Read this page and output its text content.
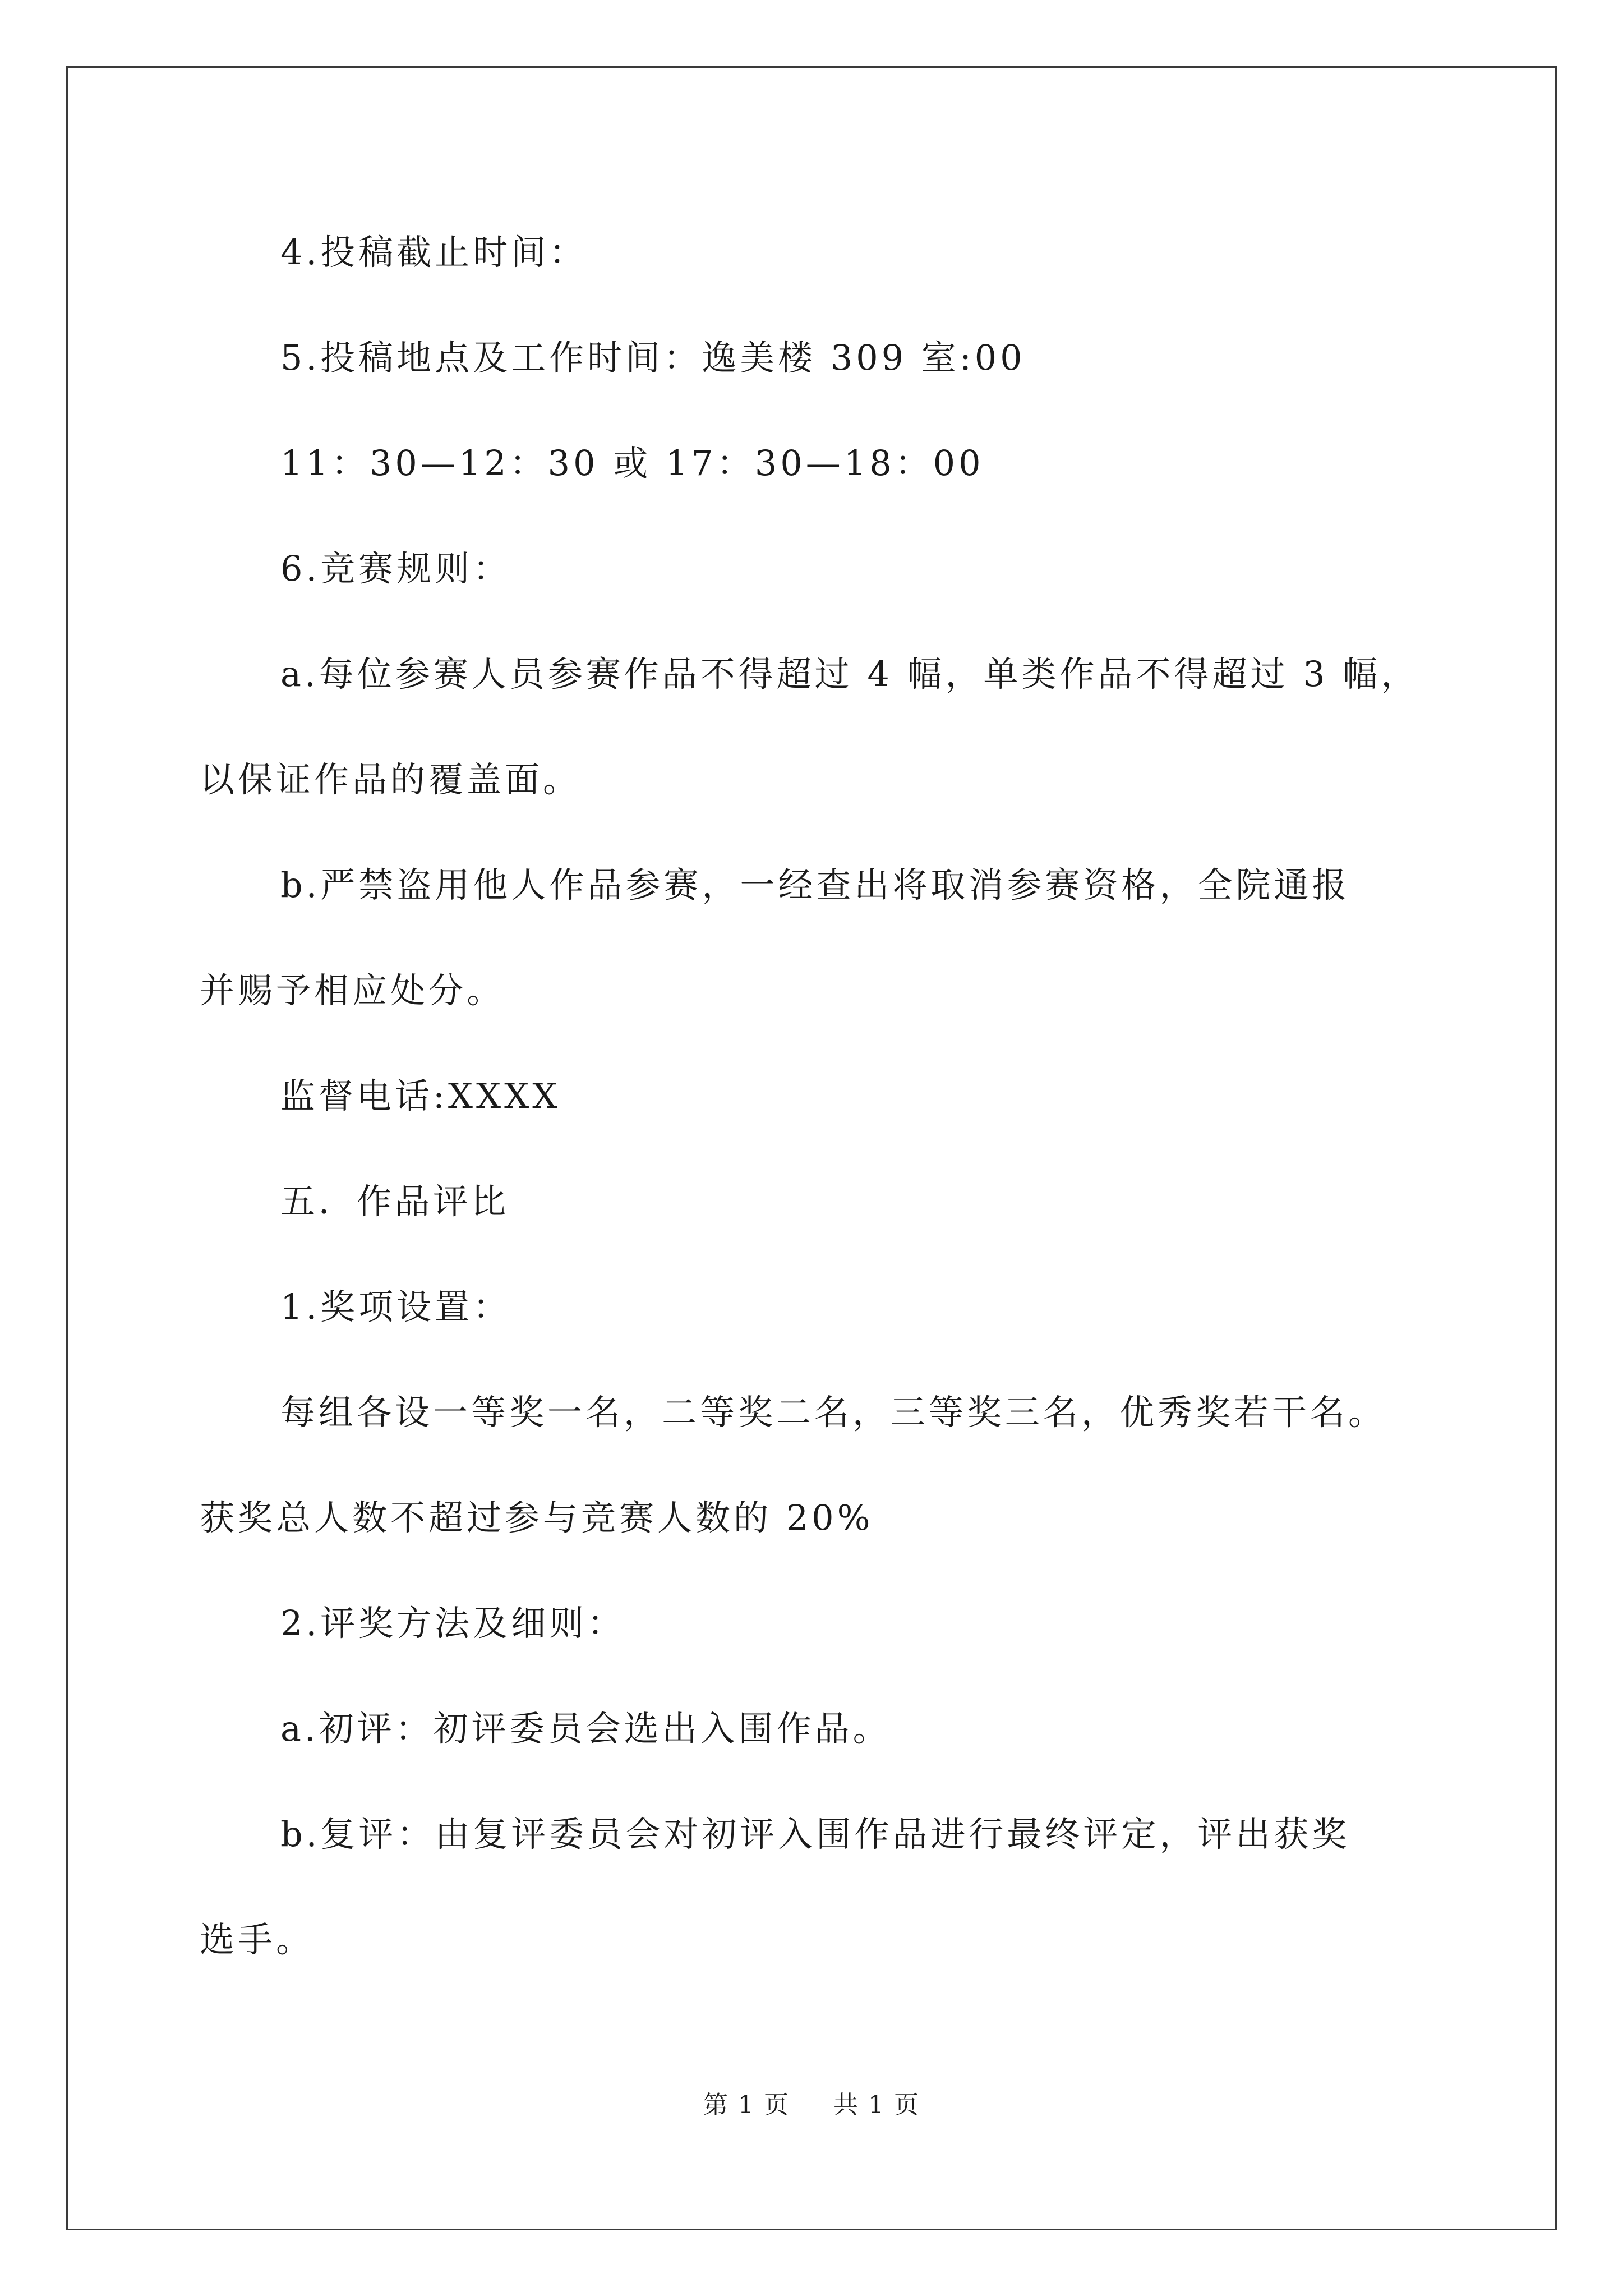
4.投稿截止时间：
5.投稿地点及工作时间：逸美楼 309 室:00
11：30—12：30 或 17：30—18：00
6.竞赛规则：
a.每位参赛人员参赛作品不得超过 4 幅，单类作品不得超过 3 幅，
以保证作品的覆盖面。
b.严禁盗用他人作品参赛，一经查出将取消参赛资格，全院通报
并赐予相应处分。
监督电话:XXXX
五．作品评比
1.奖项设置：
每组各设一等奖一名，二等奖二名，三等奖三名，优秀奖若干名。
获奖总人数不超过参与竞赛人数的 20%
2.评奖方法及细则：
a.初评：初评委员会选出入围作品。
b.复评：由复评委员会对初评入围作品进行最终评定，评出获奖
选手。
第 1 页 共 1 页
